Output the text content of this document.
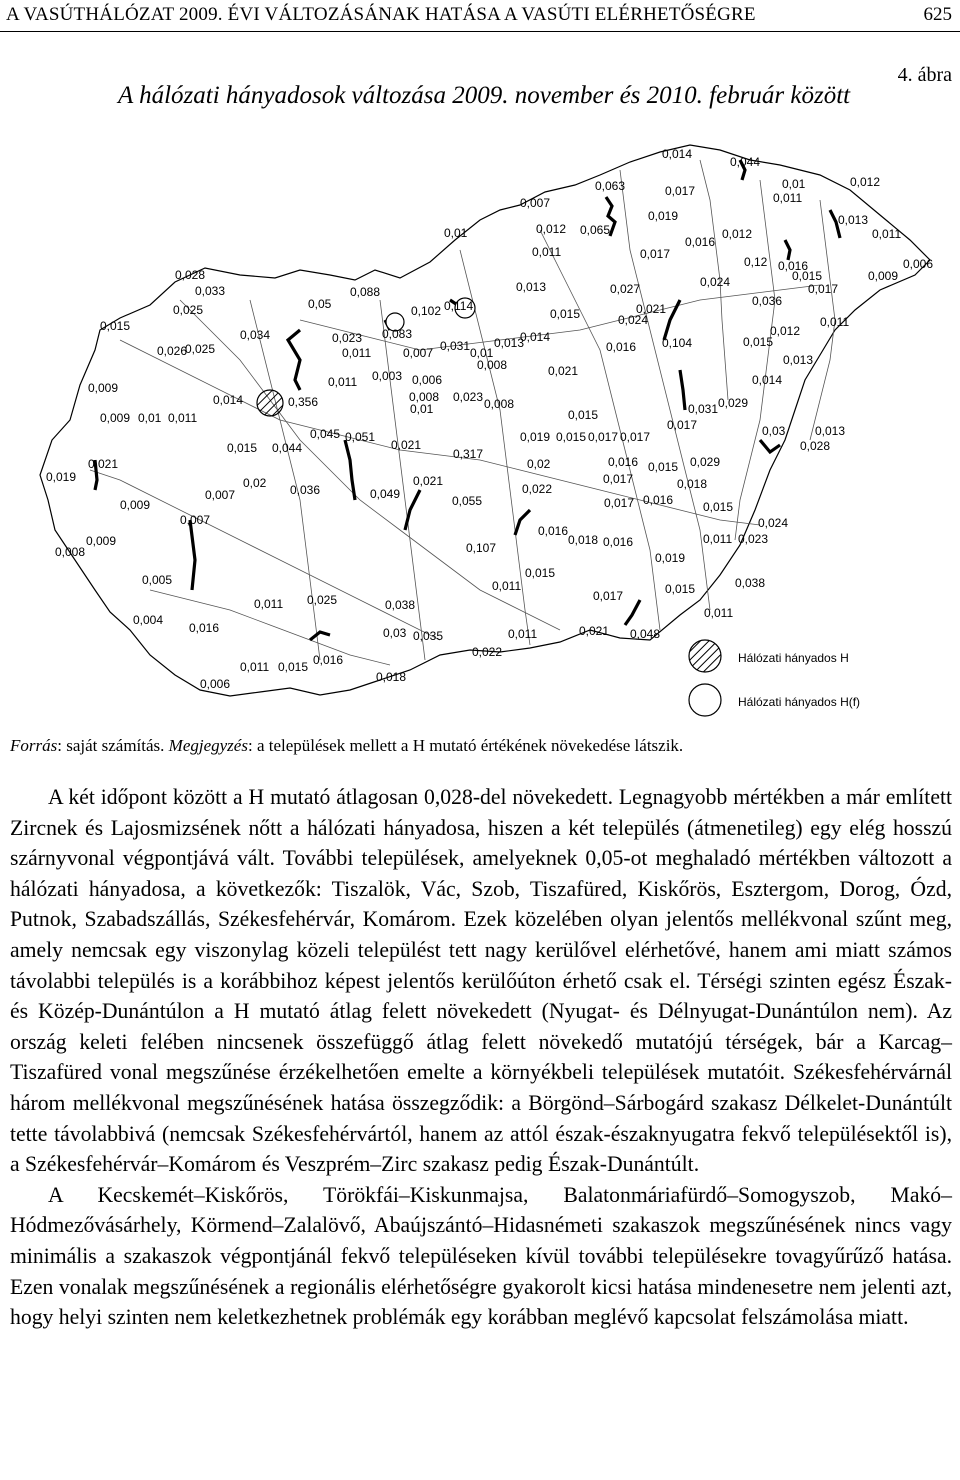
A VASÚTHÁLÓZAT 2009. ÉVI VÁLTOZÁSÁNAK HATÁSA A VASÚTI ELÉRHETŐSÉGRE	625
4. ábra
A hálózati hányadosok változása 2009. november és 2010. február között
0,014
0,044
0,063	0,017	0,01	0,012
0,007	0,011
0,019	0,013
0,011
0,012
0,016
0,017
0,012
0,065
0,01
0,12 0,016	0,006
0,028
0,011
0,015	0,009
0,027
0,033	0,088
0,024	0,017
0,013
0,05	0,114	0,036
0,025	0,102	0,021
0,015
0,011
0,015	0,024
0,012
0,083
0,034	0,023	0,014
0,026
0,025	0,031 0,013	0,016 0,104	0,015
0,011	0,007	0,01	0,013
0,008	0,021
0,003	0,014
0,009	0,011	0,006
0,356	0,008 0,023 0,008	0,029
0,014
0,031
0,009 0,01 0,011
0,01	0,015
0,017	0,03 0,013
0,045 0,051
0,028
0,019 0,015 0,017 0,017
0,015 0,044	0,021
0,317
0,021	0,016	0,029
0,019
0,02	0,015
0,017
0,02 0,036	0,018
0,021
0,007	0,049	0,022
0,009	0,055	0,017 0,016 0,015
0,007	0,024
0,016
0,009	0,018 0,016	0,011 0,023
0,107
0,008	0,019
0,015
0,005	0,038
0,011	0,015
0,017
0,025
0,011
0,011
0,038
0,004
0,016	0,03 0,035	0,011	0,021 0,048
0,022
0,016
0,011 0,015
0,018
0,006
Hálózati hányados H
Hálózati hányados H(f)
Forrás: saját számítás. Megjegyzés: a települések mellett a H mutató értékének növekedése látszik.

A két időpont között a H mutató átlagosan 0,028-del növekedett. Legnagyobb mértékben a már említett Zircnek és Lajosmizsének nőtt a hálózati hányadosa, hiszen a két település (átmenetileg) egy elég hosszú szárnyvonal végpontjává vált. További települések, amelyeknek 0,05-ot meghaladó mértékben változott a hálózati hányadosa, a következők: Tiszalök, Vác, Szob, Tiszafüred, Kiskőrös, Esztergom, Dorog, Ózd, Putnok, Szabadszállás, Székesfehérvár, Komárom. Ezek közelében olyan jelentős mellékvonal szűnt meg, amely nemcsak egy viszonylag közeli települést tett nagy kerülővel elérhetővé, hanem ami miatt számos távolabbi település is a korábbihoz képest jelentős kerülőúton érhető csak el. Térségi szinten egész Észak- és Közép-Dunántúlon a H mutató átlag felett növekedett (Nyugat- és Délnyugat-Dunántúlon nem). Az ország keleti felében nincsenek összefüggő átlag felett növekedő mutatójú térségek, bár a Karcag–Tiszafüred vonal megszűnése érzékelhetően emelte a környékbeli települések mutatóit. Székesfehérvárnál három mellékvonal megszűnésének hatása összegződik: a Börgönd–Sárbogárd szakasz Délkelet-Dunántúlt tette távolabbivá (nemcsak Székesfehérvártól, hanem az attól észak-északnyugatra fekvő településektől is), a Székesfehérvár–Komárom és Veszprém–Zirc szakasz pedig Észak-Dunántúlt.

A Kecskemét–Kiskőrös, Törökfái–Kiskunmajsa, Balatonmáriafürdő–Somogyszob, Makó–Hódmezővásárhely, Körmend–Zalalövő, Abaújszántó–Hidasnémeti szakaszok megszűnésének nincs vagy minimális a szakaszok végpontjánál fekvő településeken kívül további településekre tovagyűrűző hatása. Ezen vonalak megszűnésének a regionális elérhetőségre gyakorolt kicsi hatása mindenesetre nem jelenti azt, hogy helyi szinten nem keletkezhetnek problémák egy korábban meglévő kapcsolat felszámolása miatt.
